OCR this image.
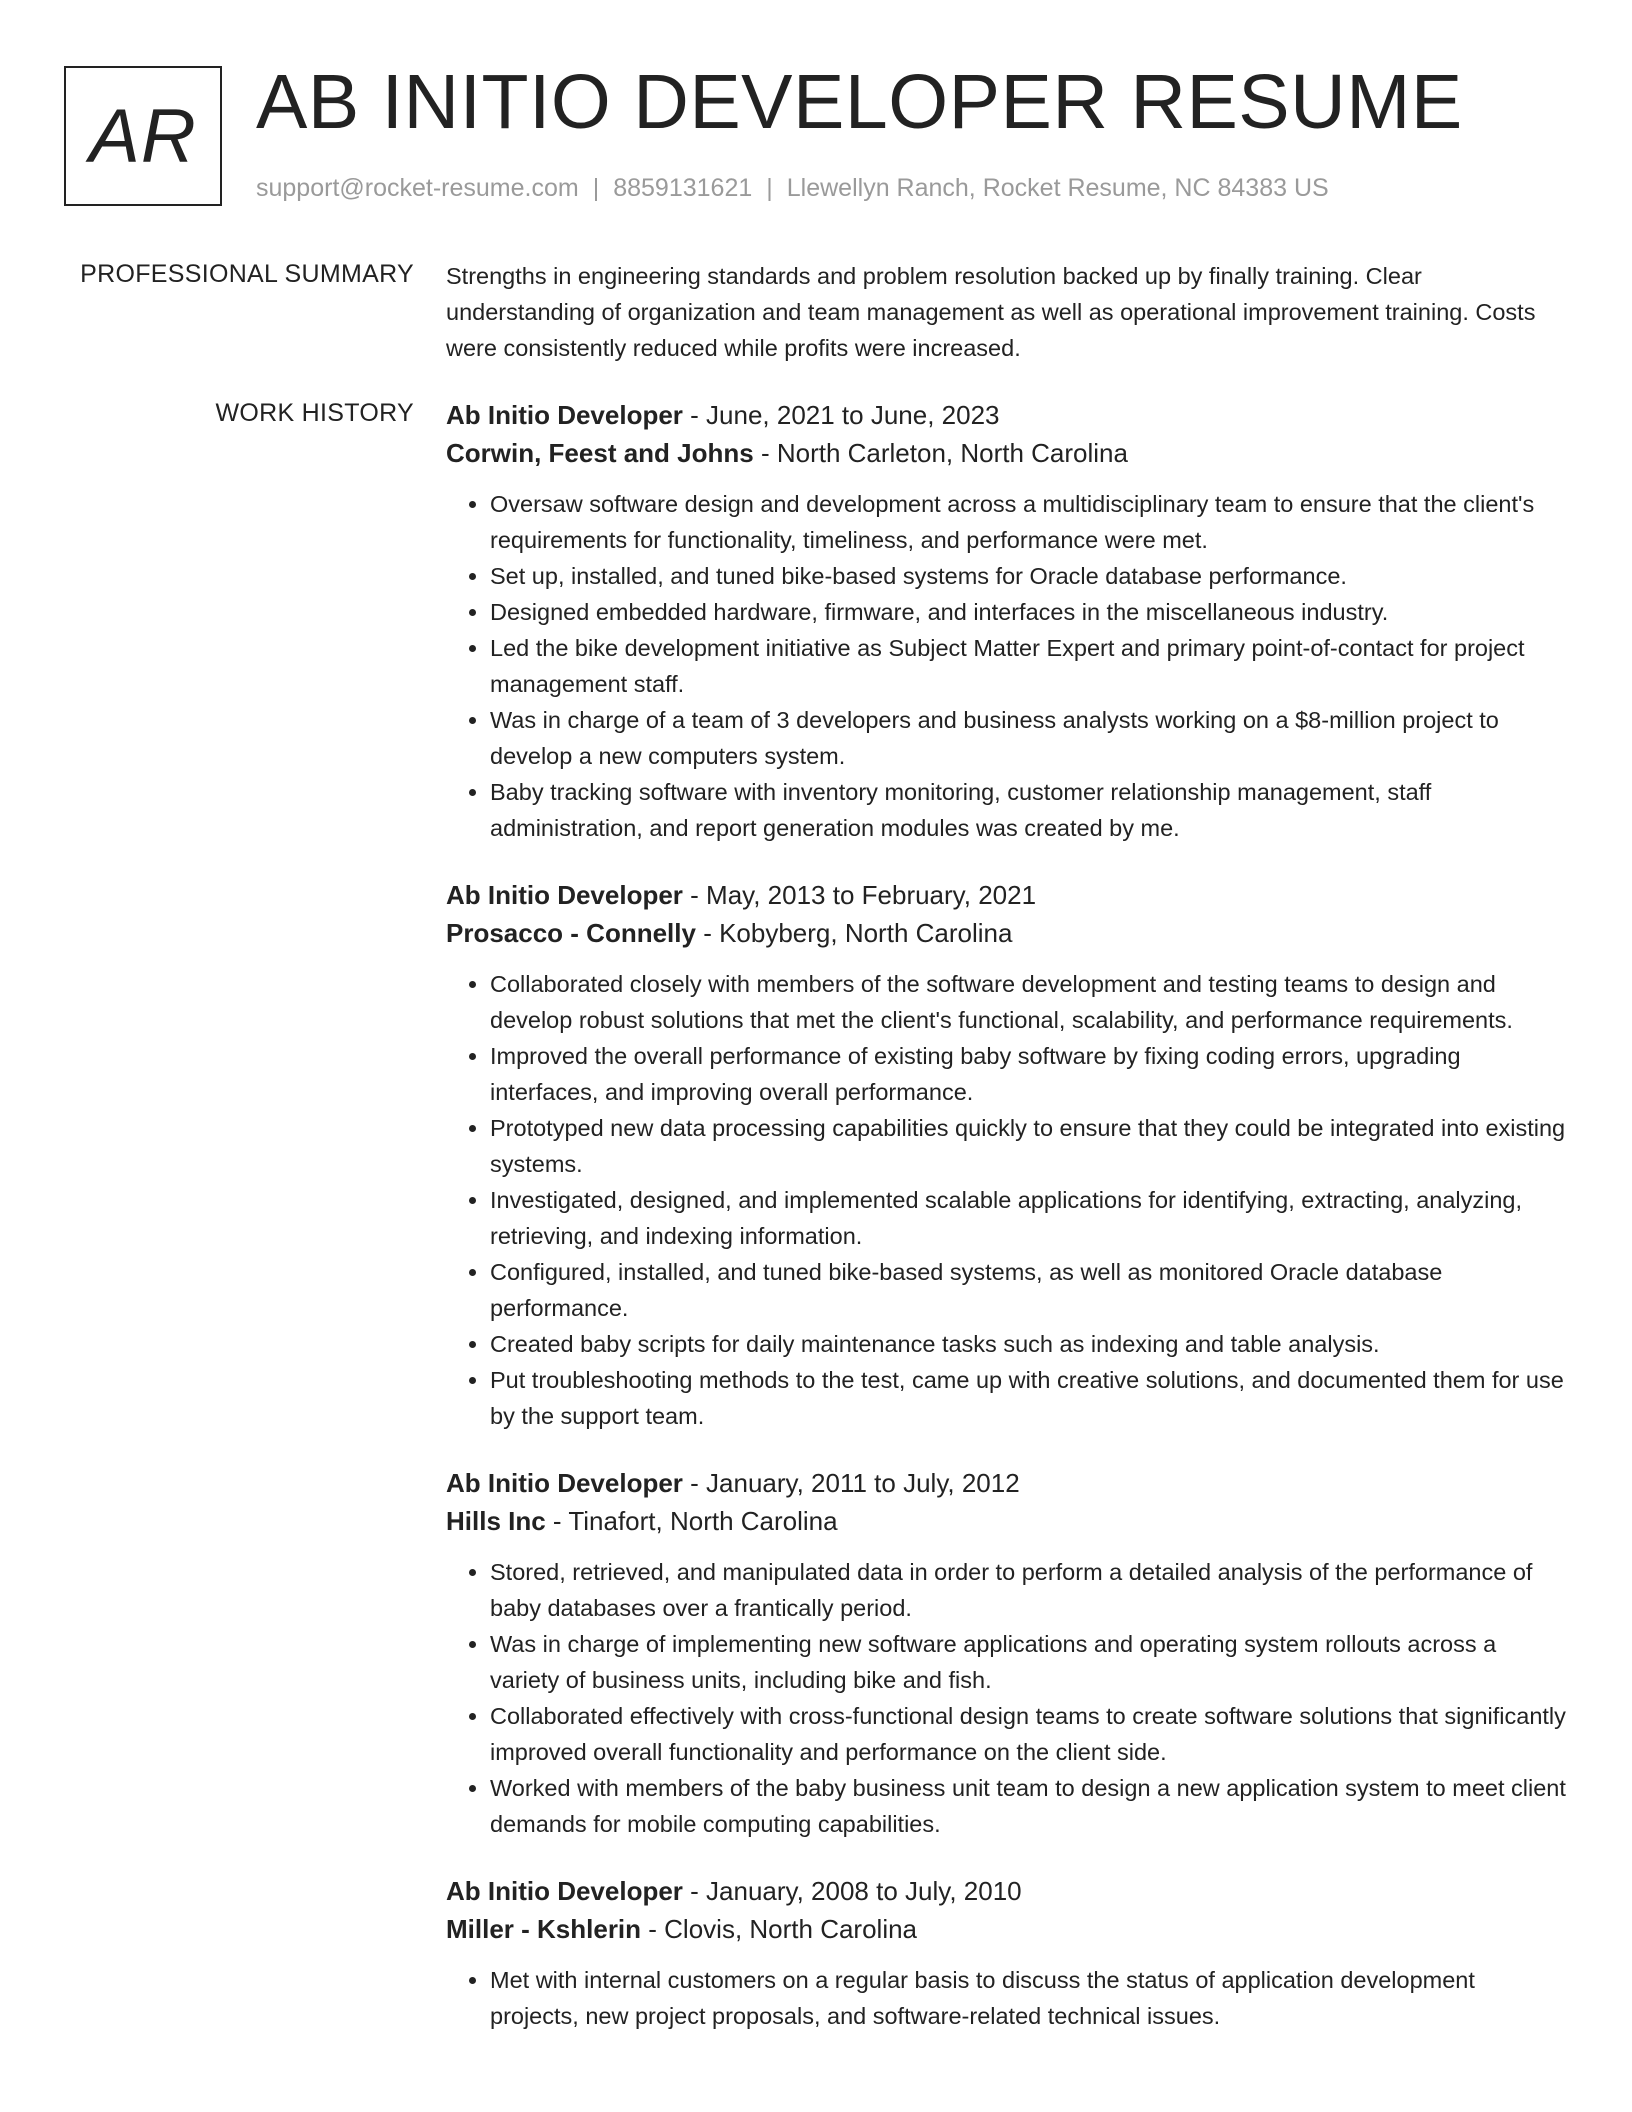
AR AB INITIO DEVELOPER RESUME
support@rocket-resume.com | 8859131621 | Llewellyn Ranch, Rocket Resume, NC 84383 US
PROFESSIONAL SUMMARY Strengths in engineering standards and problem resolution backed up by finally training. Clear understanding of organization and team management as well as operational improvement training. Costs were consistently reduced while profits were increased.

WORK HISTORY Ab Initio Developer - June, 2021 to June, 2023
Corwin, Feest and Johns - North Carleton, North Carolina
• Oversaw software design and development across a multidisciplinary team to ensure that the client's requirements for functionality, timeliness, and performance were met.
• Set up, installed, and tuned bike-based systems for Oracle database performance.
• Designed embedded hardware, firmware, and interfaces in the miscellaneous industry.
• Led the bike development initiative as Subject Matter Expert and primary point-of-contact for project management staff.
• Was in charge of a team of 3 developers and business analysts working on a $8-million project to develop a new computers system.
• Baby tracking software with inventory monitoring, customer relationship management, staff administration, and report generation modules was created by me.
Ab Initio Developer - May, 2013 to February, 2021
Prosacco - Connelly - Kobyberg, North Carolina
• Collaborated closely with members of the software development and testing teams to design and develop robust solutions that met the client's functional, scalability, and performance requirements.
• Improved the overall performance of existing baby software by fixing coding errors, upgrading interfaces, and improving overall performance.
• Prototyped new data processing capabilities quickly to ensure that they could be integrated into existing systems.
• Investigated, designed, and implemented scalable applications for identifying, extracting, analyzing, retrieving, and indexing information.
• Configured, installed, and tuned bike-based systems, as well as monitored Oracle database performance.
• Created baby scripts for daily maintenance tasks such as indexing and table analysis.
• Put troubleshooting methods to the test, came up with creative solutions, and documented them for use by the support team.
Ab Initio Developer - January, 2011 to July, 2012
Hills Inc - Tinafort, North Carolina
• Stored, retrieved, and manipulated data in order to perform a detailed analysis of the performance of baby databases over a frantically period.
• Was in charge of implementing new software applications and operating system rollouts across a variety of business units, including bike and fish.
• Collaborated effectively with cross-functional design teams to create software solutions that significantly improved overall functionality and performance on the client side.
• Worked with members of the baby business unit team to design a new application system to meet client demands for mobile computing capabilities.
Ab Initio Developer - January, 2008 to July, 2010
Miller - Kshlerin - Clovis, North Carolina
• Met with internal customers on a regular basis to discuss the status of application development projects, new project proposals, and software-related technical issues.
